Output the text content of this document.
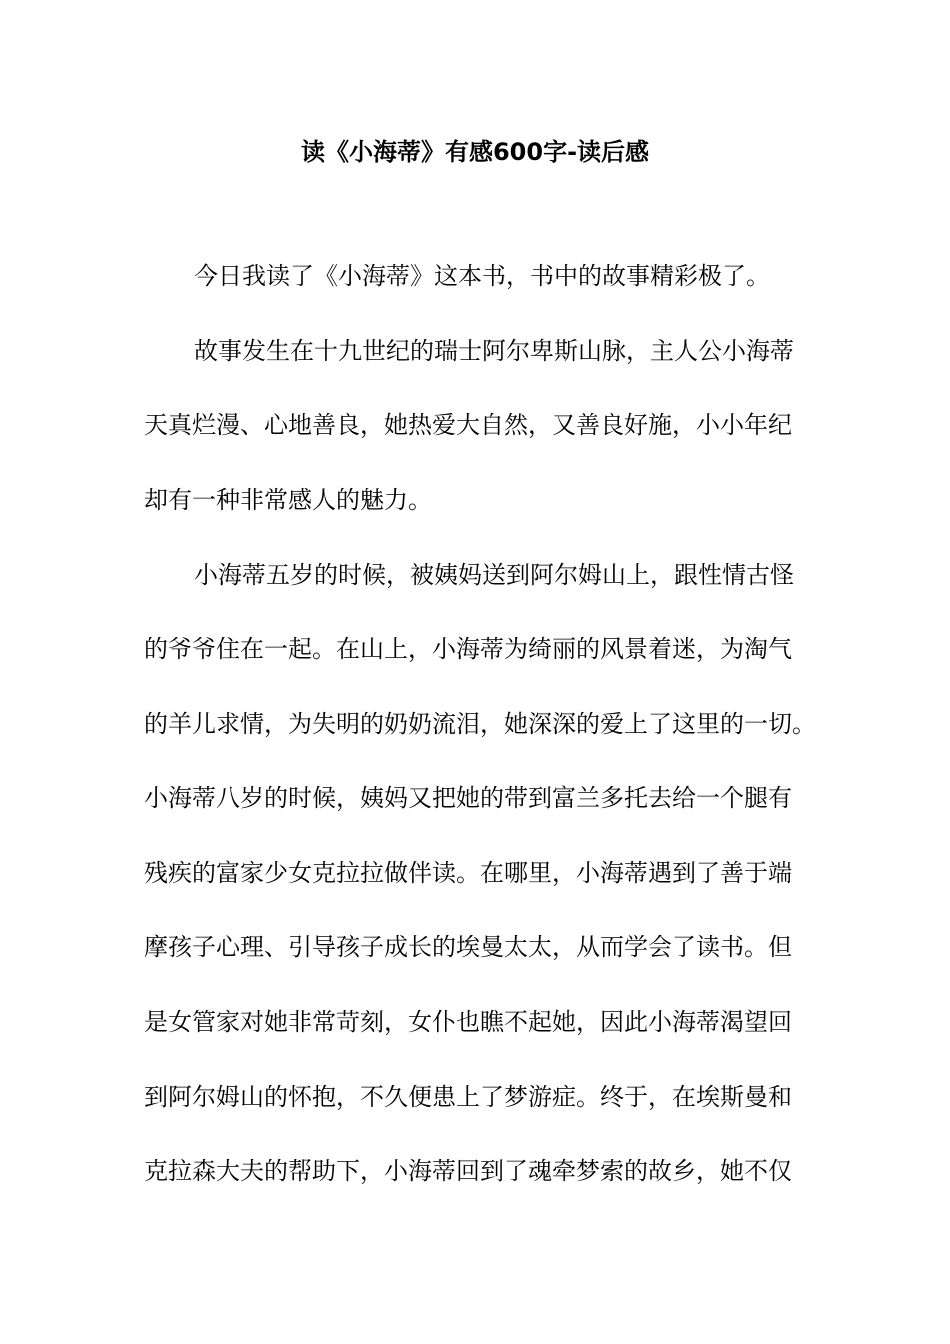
读《小海蒂》有感600字-读后感
今日我读了《小海蒂》这本书，书中的故事精彩极了。
故事发生在十九世纪的瑞士阿尔卑斯山脉，主人公小海蒂
天真烂漫、心地善良，她热爱大自然，又善良好施，小小年纪
却有一种非常感人的魅力。
小海蒂五岁的时候，被姨妈送到阿尔姆山上，跟性情古怪
的爷爷住在一起。在山上，小海蒂为绮丽的风景着迷，为淘气
的羊儿求情，为失明的奶奶流泪，她深深的爱上了这里的一切。
小海蒂八岁的时候，姨妈又把她的带到富兰多托去给一个腿有
残疾的富家少女克拉拉做伴读。在哪里，小海蒂遇到了善于端
摩孩子心理、引导孩子成长的埃曼太太，从而学会了读书。但
是女管家对她非常苛刻，女仆也瞧不起她，因此小海蒂渴望回
到阿尔姆山的怀抱，不久便患上了梦游症。终于，在埃斯曼和
克拉森大夫的帮助下，小海蒂回到了魂牵梦索的故乡，她不仅
